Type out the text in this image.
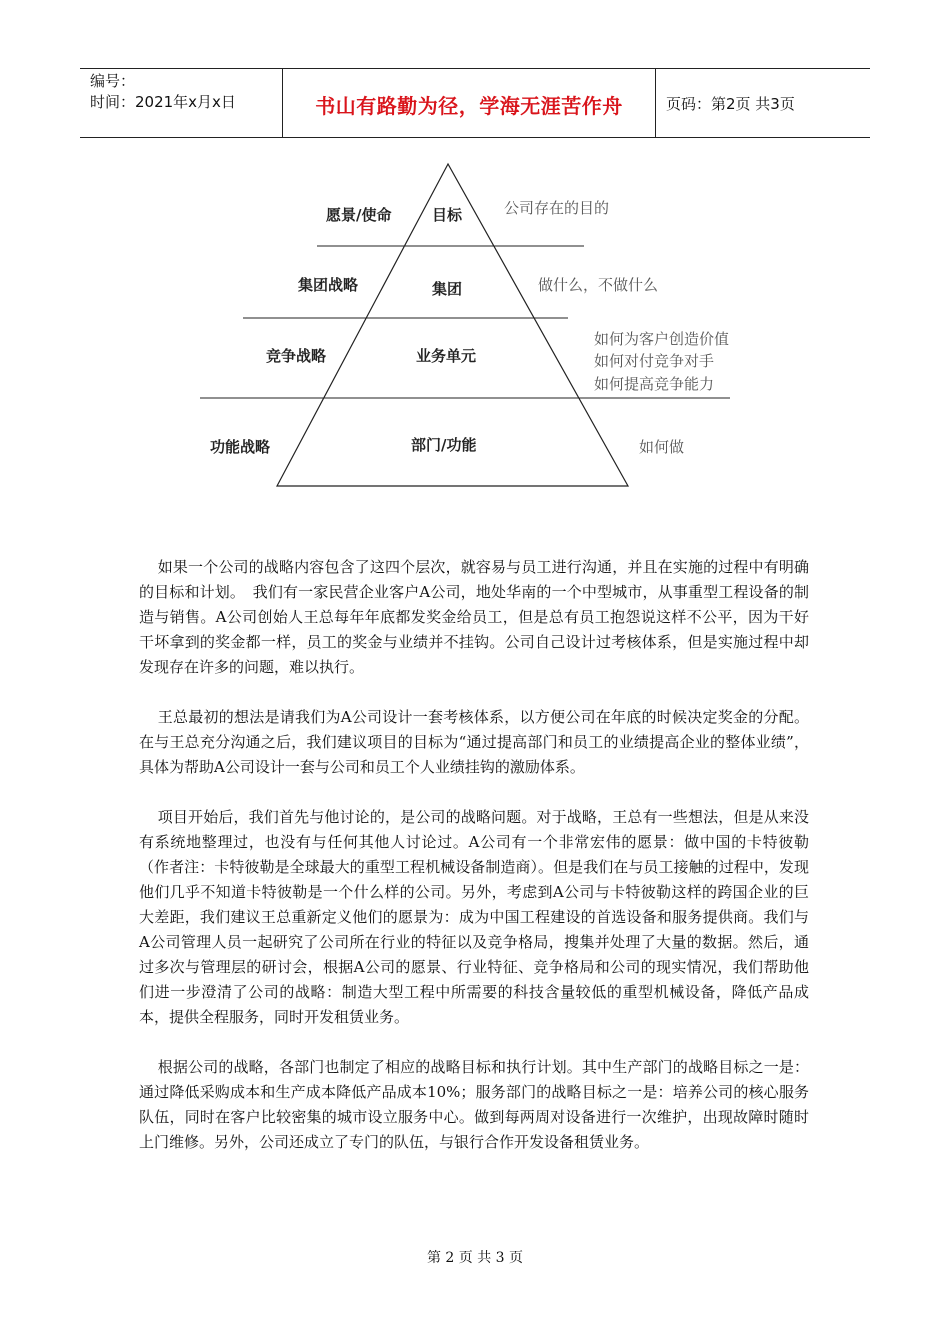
编号：
时间：2021年x月x日	书山有路勤为径，学海无涯苦作舟	页码：第2页 共3页
愿景/使命	目标	公司存在的目的
集团战略	集团	做什么，不做什么
竞争战略	业务单元
如何为客户创造价值
如何对付竞争对手
如何提高竞争能力
功能战略	部门/功能	如何做

如果一个公司的战略内容包含了这四个层次，就容易与员工进行沟通，并且在实施的过程中有明确的目标和计划。　我们有一家民营企业客户A公司，地处华南的一个中型城市，从事重型工程设备的制造与销售。A公司创始人王总每年年底都发奖金给员工，但是总有员工抱怨说这样不公平，因为干好干坏拿到的奖金都一样，员工的奖金与业绩并不挂钩。公司自己设计过考核体系，但是实施过程中却发现存在许多的问题，难以执行。

王总最初的想法是请我们为A公司设计一套考核体系，以方便公司在年底的时候决定奖金的分配。在与王总充分沟通之后，我们建议项目的目标为“通过提高部门和员工的业绩提高企业的整体业绩”，具体为帮助A公司设计一套与公司和员工个人业绩挂钩的激励体系。

项目开始后，我们首先与他讨论的，是公司的战略问题。对于战略，王总有一些想法，但是从来没有系统地整理过，也没有与任何其他人讨论过。A公司有一个非常宏伟的愿景：做中国的卡特彼勒（作者注：卡特彼勒是全球最大的重型工程机械设备制造商）。但是我们在与员工接触的过程中，发现他们几乎不知道卡特彼勒是一个什么样的公司。另外，考虑到A公司与卡特彼勒这样的跨国企业的巨大差距，我们建议王总重新定义他们的愿景为：成为中国工程建设的首选设备和服务提供商。我们与A公司管理人员一起研究了公司所在行业的特征以及竞争格局，搜集并处理了大量的数据。然后，通过多次与管理层的研讨会，根据A公司的愿景、行业特征、竞争格局和公司的现实情况，我们帮助他们进一步澄清了公司的战略：制造大型工程中所需要的科技含量较低的重型机械设备，降低产品成本，提供全程服务，同时开发租赁业务。

根据公司的战略，各部门也制定了相应的战略目标和执行计划。其中生产部门的战略目标之一是：通过降低采购成本和生产成本降低产品成本10%；服务部门的战略目标之一是：培养公司的核心服务队伍，同时在客户比较密集的城市设立服务中心。做到每两周对设备进行一次维护，出现故障时随时上门维修。另外，公司还成立了专门的队伍，与银行合作开发设备租赁业务。

第 2 页 共 3 页
